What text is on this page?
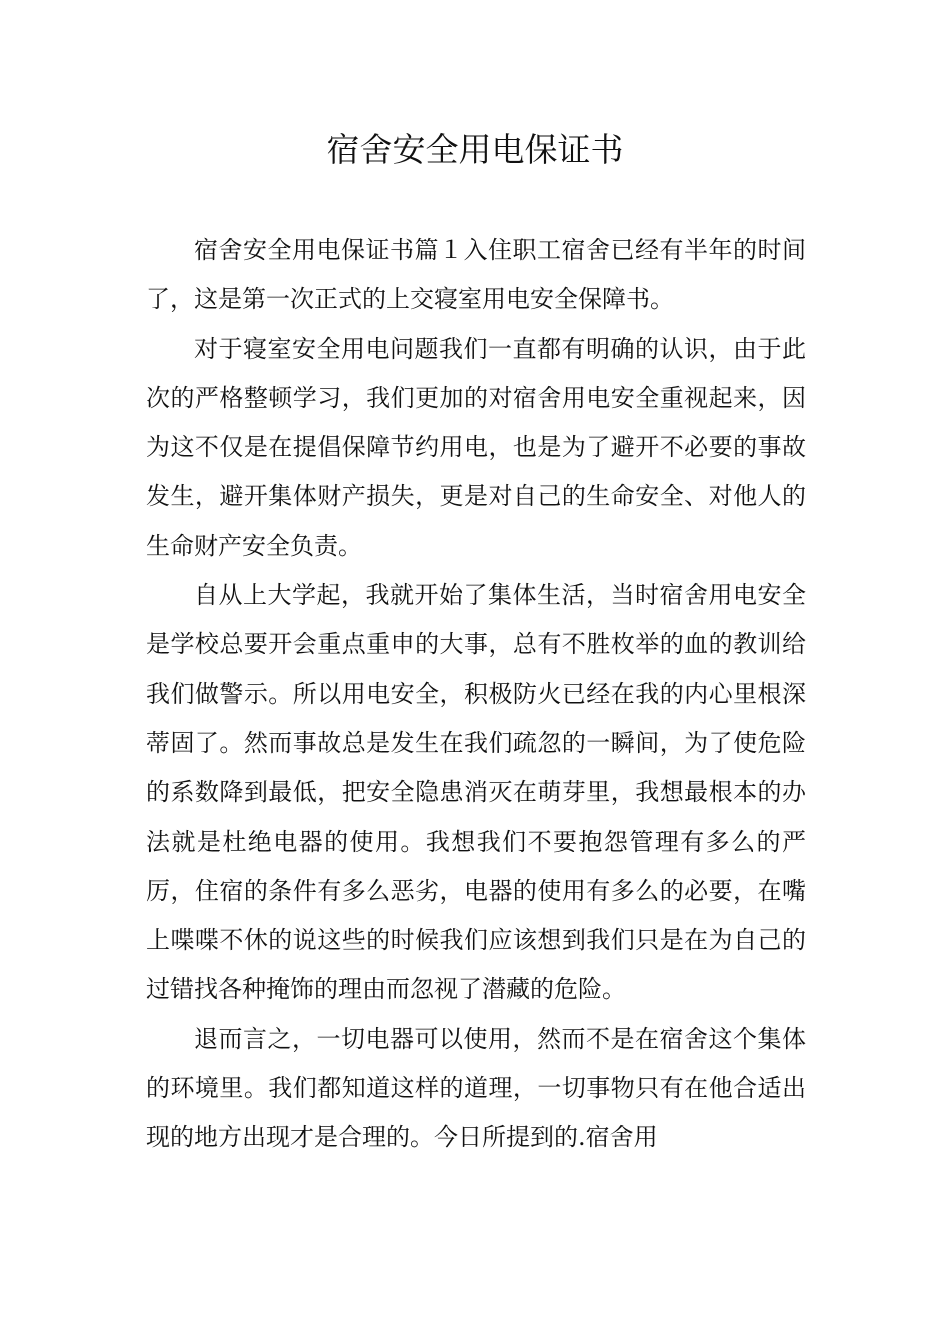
宿舍安全用电保证书

宿舍安全用电保证书篇１入住职工宿舍已经有半年的时间了，这是第一次正式的上交寝室用电安全保障书。

对于寝室安全用电问题我们一直都有明确的认识，由于此次的严格整顿学习，我们更加的对宿舍用电安全重视起来，因为这不仅是在提倡保障节约用电，也是为了避开不必要的事故发生，避开集体财产损失，更是对自己的生命安全、对他人的生命财产安全负责。

自从上大学起，我就开始了集体生活，当时宿舍用电安全是学校总要开会重点重申的大事，总有不胜枚举的血的教训给我们做警示。所以用电安全，积极防火已经在我的内心里根深蒂固了。然而事故总是发生在我们疏忽的一瞬间，为了使危险的系数降到最低，把安全隐患消灭在萌芽里，我想最根本的办法就是杜绝电器的使用。我想我们不要抱怨管理有多么的严厉，住宿的条件有多么恶劣，电器的使用有多么的必要，在嘴上喋喋不休的说这些的时候我们应该想到我们只是在为自己的过错找各种掩饰的理由而忽视了潜藏的危险。

退而言之，一切电器可以使用，然而不是在宿舍这个集体的环境里。我们都知道这样的道理，一切事物只有在他合适出现的地方出现才是合理的。今日所提到的.宿舍用
